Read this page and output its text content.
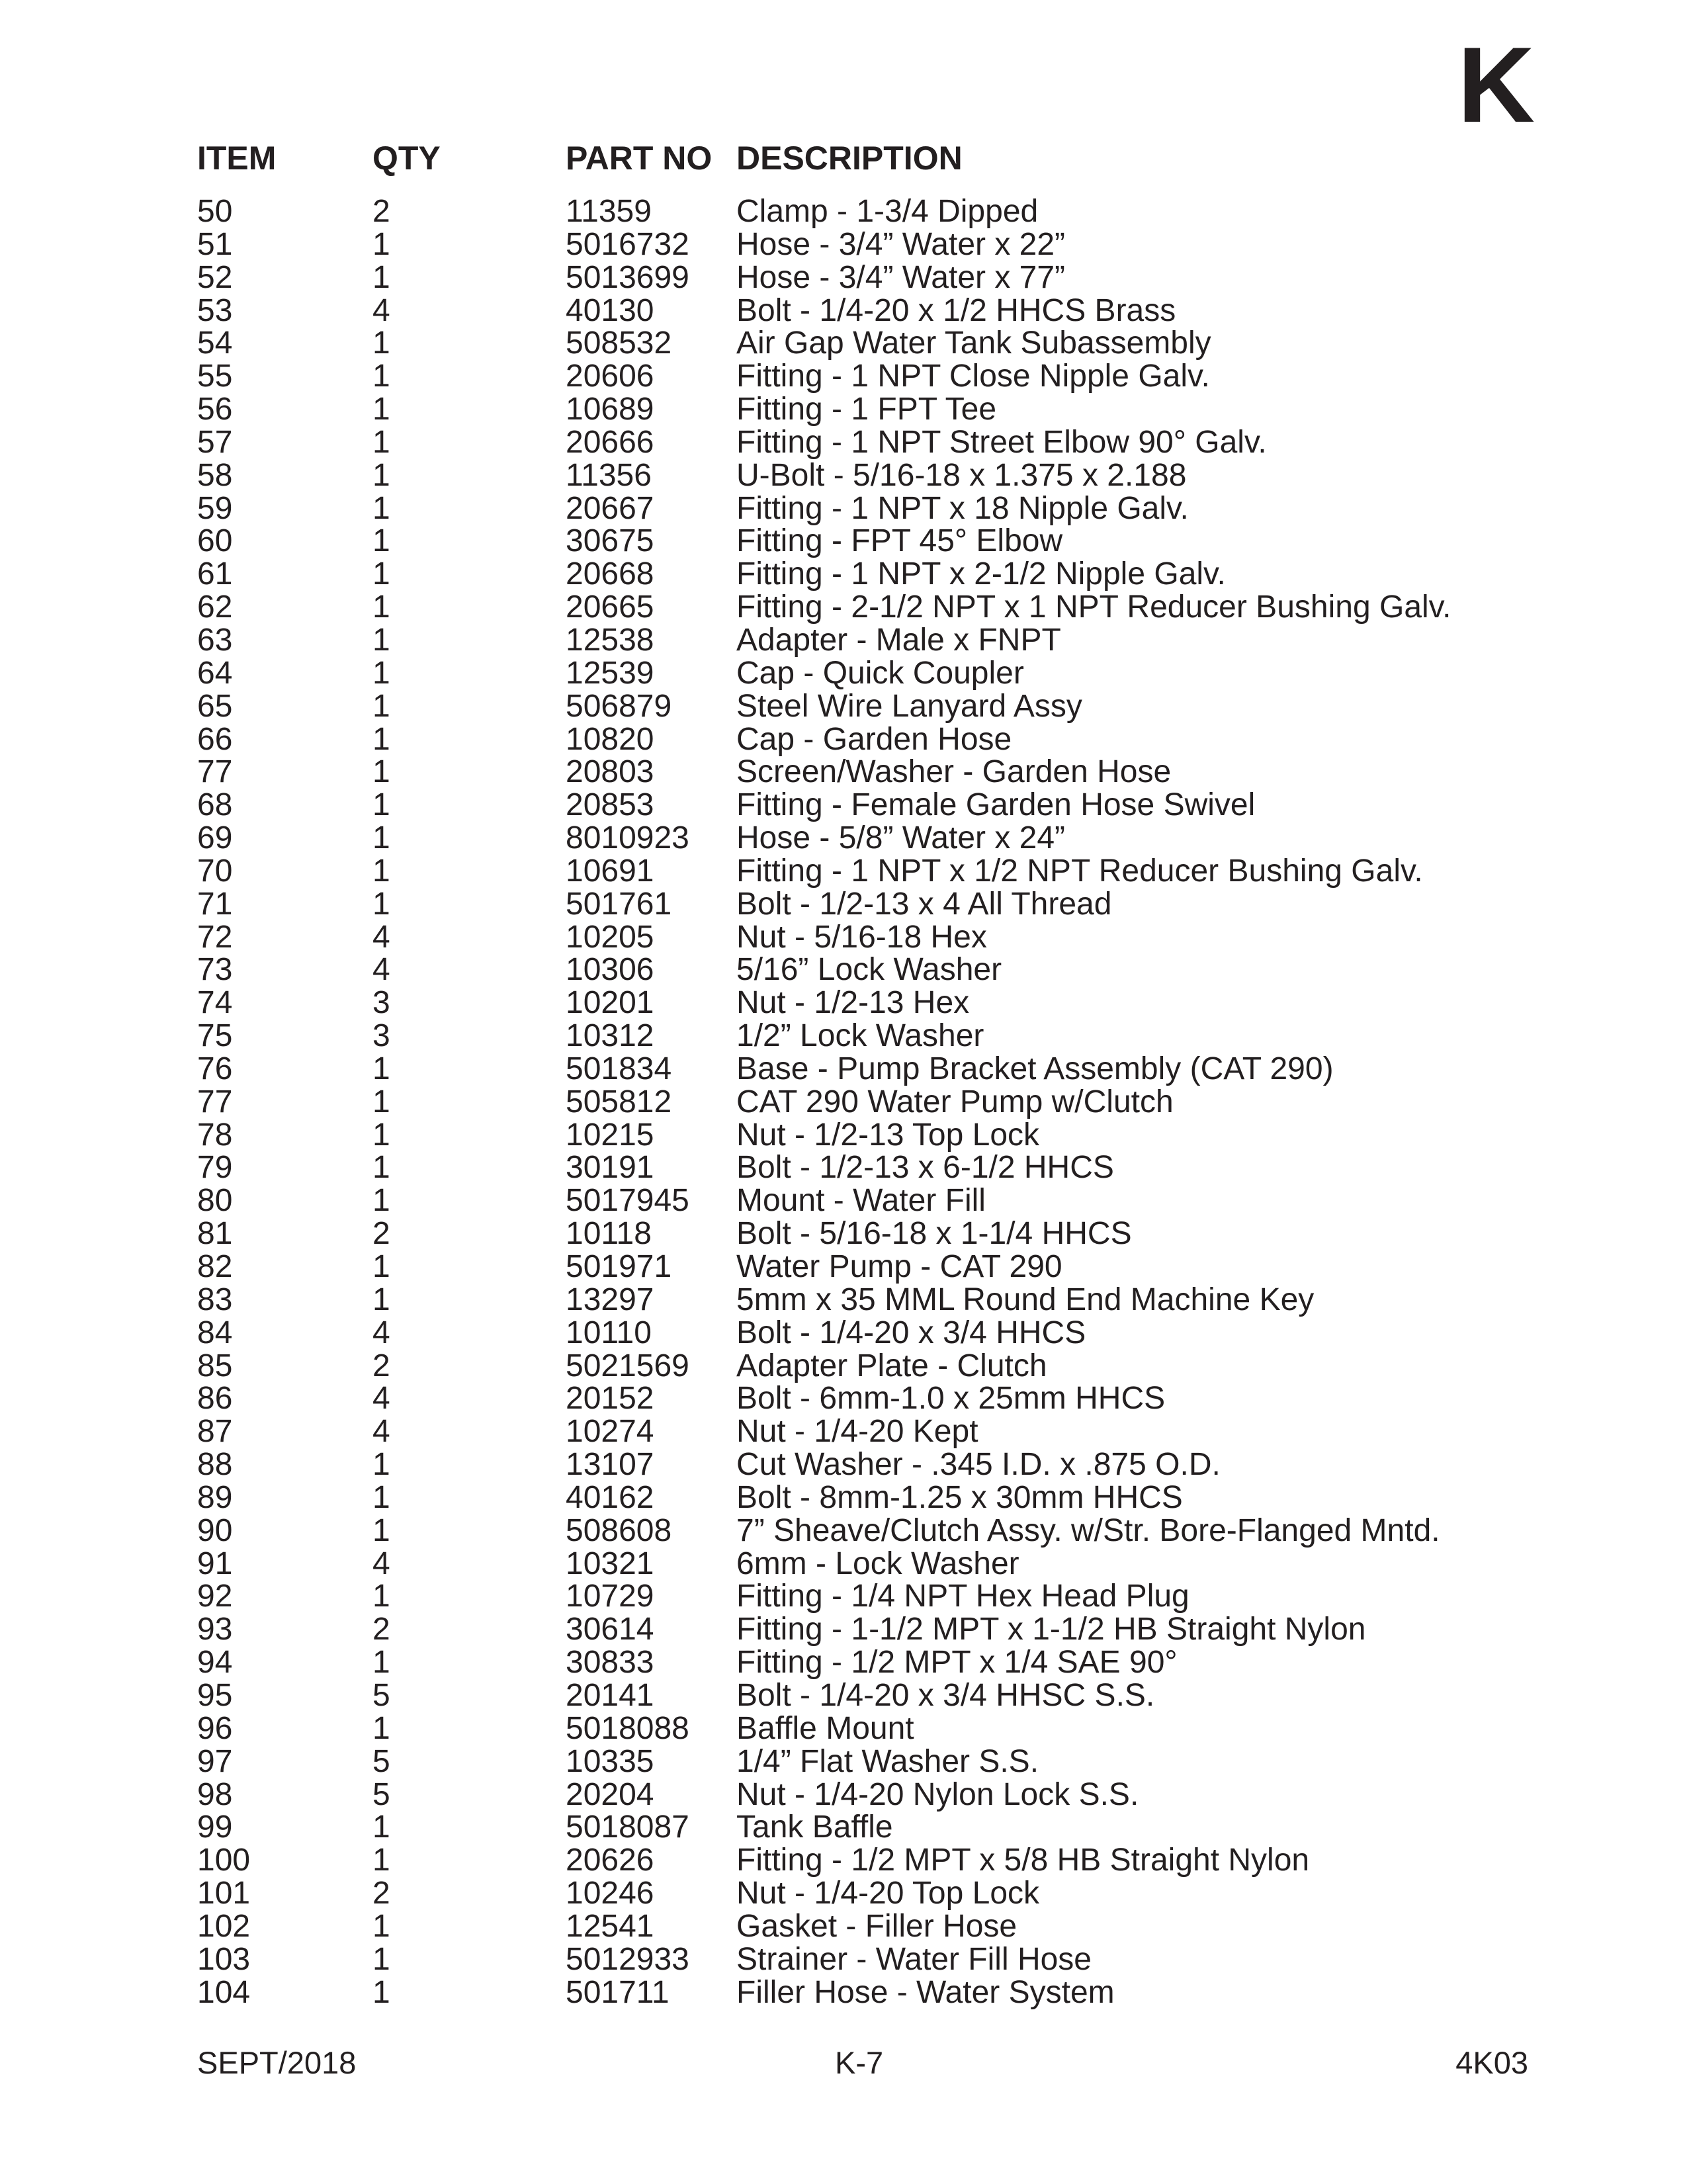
K
ITEM	QTY	PART NO DESCRIPTION
50	2	11359	Clamp - 1-3/4 Dipped
51	1	5016732 Hose - 3/4” Water x 22”
52	1	5013699 Hose - 3/4” Water x 77”
53	4	40130	Bolt - 1/4-20 x 1/2 HHCS Brass
54	1	508532 Air Gap Water Tank Subassembly
55	1	20606	Fitting - 1 NPT Close Nipple Galv.
56	1	10689	Fitting - 1 FPT Tee
57	1	20666	Fitting - 1 NPT Street Elbow 90° Galv.
58	1	11356	U-Bolt - 5/16-18 x 1.375 x 2.188
59	1	20667	Fitting - 1 NPT x 18 Nipple Galv.
60	1	30675	Fitting - FPT 45° Elbow
61	1	20668	Fitting - 1 NPT x 2-1/2 Nipple Galv.
62	1	20665	Fitting - 2-1/2 NPT x 1 NPT Reducer Bushing Galv.
63	1	12538	Adapter - Male x FNPT
64	1	12539	Cap - Quick Coupler
65	1	506879 Steel Wire Lanyard Assy
66	1	10820	Cap - Garden Hose
77	1	20803	Screen/Washer - Garden Hose
68	1	20853	Fitting - Female Garden Hose Swivel
69	1	8010923 Hose - 5/8” Water x 24”
70	1	10691	Fitting - 1 NPT x 1/2 NPT Reducer Bushing Galv.
71	1	501761 Bolt - 1/2-13 x 4 All Thread
72	4	10205	Nut - 5/16-18 Hex
73	4	10306	5/16” Lock Washer
74	3	10201	Nut - 1/2-13 Hex
75	3	10312	1/2” Lock Washer
76	1	501834 Base - Pump Bracket Assembly (CAT 290)
77	1	505812 CAT 290 Water Pump w/Clutch
78	1	10215	Nut - 1/2-13 Top Lock
79	1	30191	Bolt - 1/2-13 x 6-1/2 HHCS
80	1	5017945 Mount - Water Fill
81	2	10118	Bolt - 5/16-18 x 1-1/4 HHCS
82	1	501971 Water Pump - CAT 290
83	1	13297	5mm x 35 MML Round End Machine Key
84	4	10110	Bolt - 1/4-20 x 3/4 HHCS
85	2	5021569 Adapter Plate - Clutch
86	4	20152	Bolt - 6mm-1.0 x 25mm HHCS
87	4	10274	Nut - 1/4-20 Kept
88	1	13107	Cut Washer - .345 I.D. x .875 O.D.
89	1	40162	Bolt - 8mm-1.25 x 30mm HHCS
90	1	508608 7” Sheave/Clutch Assy. w/Str. Bore-Flanged Mntd.
91	4	10321	6mm - Lock Washer
92	1	10729	Fitting - 1/4 NPT Hex Head Plug
93	2	30614	Fitting - 1-1/2 MPT x 1-1/2 HB Straight Nylon
94	1	30833	Fitting - 1/2 MPT x 1/4 SAE 90°
95	5	20141	Bolt - 1/4-20 x 3/4 HHSC S.S.
96	1	5018088 Baffle Mount
97	5	10335	1/4” Flat Washer S.S.
98	5	20204	Nut - 1/4-20 Nylon Lock S.S.
99	1	5018087 Tank Baffle
100	1	20626	Fitting - 1/2 MPT x 5/8 HB Straight Nylon
101	2	10246	Nut - 1/4-20 Top Lock
102	1	12541	Gasket - Filler Hose
103	1	5012933 Strainer - Water Fill Hose
104	1	501711 Filler Hose - Water System
SEPT/2018	K-7	4K03
